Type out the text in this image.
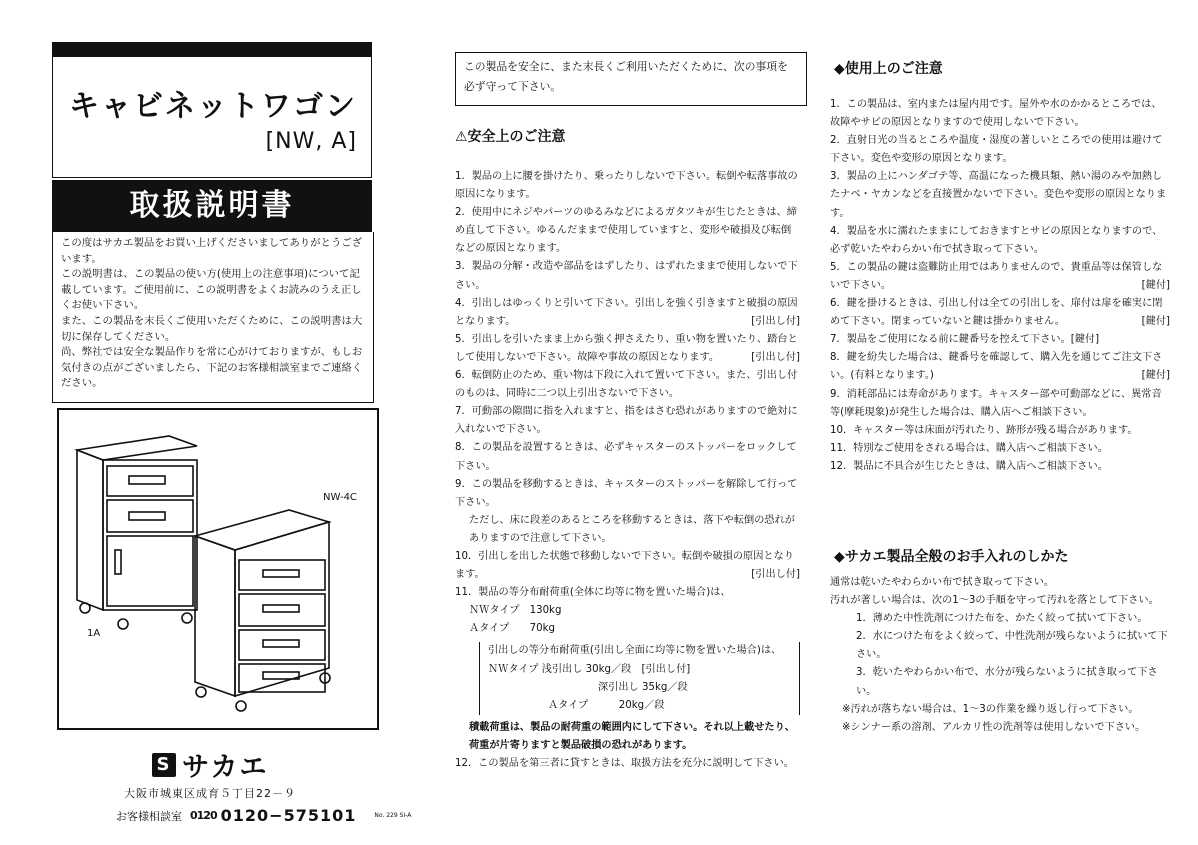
キャビネットワゴン
[NW, A]
取扱説明書

この度はサカエ製品をお買い上げくださいましてありがとうございます。

この説明書は、この製品の使い方(使用上の注意事項)について記載しています。ご使用前に、この説明書をよくお読みのうえ正しくお使い下さい。

また、この製品を末長くご使用いただくために、この説明書は大切に保存してください。

尚、弊社では安全な製品作りを常に心がけておりますが、もしお気付きの点がございましたら、下記のお客様相談室までご連絡ください。

1A
NW-4C
S サカエ
大阪市城東区成育５丁目22－９
お客様相談室 0120 0120−575101	No. 229 SI-A
この製品を安全に、また末長くご利用いただくために、次の事項を必ず守って下さい。
⚠安全上のご注意

1．製品の上に腰を掛けたり、乗ったりしないで下さい。転倒や転落事故の原因になります。

2．使用中にネジやパーツのゆるみなどによるガタツキが生じたときは、締め直して下さい。ゆるんだままで使用していますと、変形や破損及び転倒などの原因となります。

3．製品の分解・改造や部品をはずしたり、はずれたままで使用しないで下さい。

4．引出しはゆっくりと引いて下さい。引出しを強く引きますと破損の原因となります。	[引出し付]

5．引出しを引いたまま上から強く押さえたり、重い物を置いたり、踏台として使用しないで下さい。故障や事故の原因となります。	[引出し付]

6．転倒防止のため、重い物は下段に入れて置いて下さい。また、引出し付のものは、同時に二つ以上引出さないで下さい。

7．可動部の隙間に指を入れますと、指をはさむ恐れがありますので絶対に入れないで下さい。

8．この製品を設置するときは、必ずキャスターのストッパーをロックして下さい。

9．この製品を移動するときは、キャスターのストッパーを解除して行って下さい。

ただし、床に段差のあるところを移動するときは、落下や転倒の恐れがありますので注意して下さい。

10．引出しを出した状態で移動しないで下さい。転倒や破損の原因となります。	[引出し付]

11．製品の等分布耐荷重(全体に均等に物を置いた場合)は、

ＮＷタイプ　130kg

Ａタイプ　　70kg

引出しの等分布耐荷重(引出し全面に均等に物を置いた場合)は、ＮＷタイプ 浅引出し 30kg／段　[引出し付]

深引出し 35kg／段

Ａタイプ　　　20kg／段

積載荷重は、製品の耐荷重の範囲内にして下さい。それ以上載せたり、荷重が片寄りますと製品破損の恐れがあります。

12．この製品を第三者に貸すときは、取扱方法を充分に説明して下さい。

◆使用上のご注意

1．この製品は、室内または屋内用です。屋外や水のかかるところでは、故障やサビの原因となりますので使用しないで下さい。

2．直射日光の当るところや温度・湿度の著しいところでの使用は避けて下さい。変色や変形の原因となります。

3．製品の上にハンダゴテ等、高温になった機具類、熱い湯のみや加熱したナベ・ヤカンなどを直接置かないで下さい。変色や変形の原因となります。

4．製品を水に濡れたままにしておきますとサビの原因となりますので、必ず乾いたやわらかい布で拭き取って下さい。

5．この製品の鍵は盗難防止用ではありませんので、貴重品等は保管しないで下さい。	[鍵付]

6．鍵を掛けるときは、引出し付は全ての引出しを、扉付は扉を確実に閉めて下さい。閉まっていないと鍵は掛かりません。	[鍵付]

7．製品をご使用になる前に鍵番号を控えて下さい。[鍵付]

8．鍵を紛失した場合は、鍵番号を確認して、購入先を通じてご注文下さい。(有料となります。)	[鍵付]

9．消耗部品には寿命があります。キャスター部や可動部などに、異常音等(摩耗現象)が発生した場合は、購入店へご相談下さい。

10．キャスター等は床面が汚れたり、跡形が残る場合があります。

11．特別なご使用をされる場合は、購入店へご相談下さい。

12．製品に不具合が生じたときは、購入店へご相談下さい。

◆サカエ製品全般のお手入れのしかた

通常は乾いたやわらかい布で拭き取って下さい。

汚れが著しい場合は、次の1〜3の手順を守って汚れを落として下さい。

1．薄めた中性洗剤につけた布を、かたく絞って拭いて下さい。

2．水につけた布をよく絞って、中性洗剤が残らないように拭いて下さい。

3．乾いたやわらかい布で、水分が残らないように拭き取って下さい。

※汚れが落ちない場合は、1〜3の作業を繰り返し行って下さい。

※シンナー系の溶剤、アルカリ性の洗剤等は使用しないで下さい。
